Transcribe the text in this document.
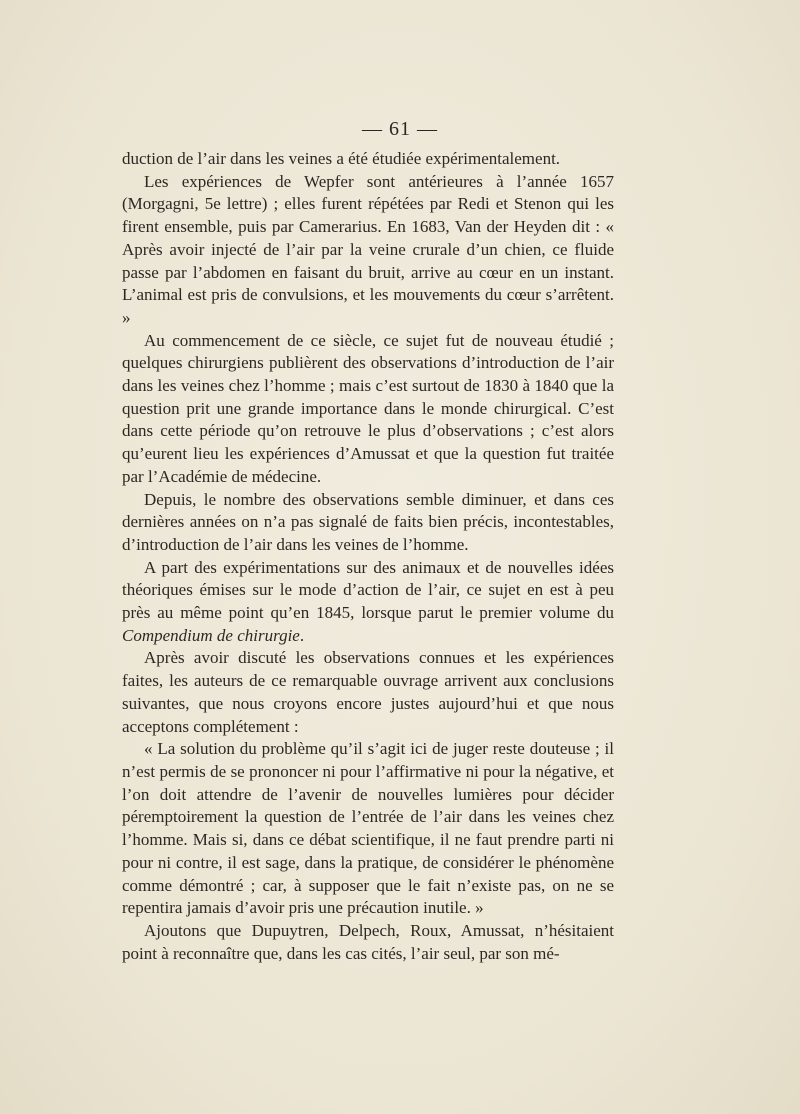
— 61 —

duction de l’air dans les veines a été étudiée expérimentalement.

Les expériences de Wepfer sont antérieures à l’année 1657 (Morgagni, 5e lettre) ; elles furent répétées par Redi et Stenon qui les firent ensemble, puis par Camerarius. En 1683, Van der Heyden dit : « Après avoir injecté de l’air par la veine crurale d’un chien, ce fluide passe par l’abdomen en faisant du bruit, arrive au cœur en un instant. L’animal est pris de convulsions, et les mouvements du cœur s’arrêtent. »

Au commencement de ce siècle, ce sujet fut de nouveau étudié ; quelques chirurgiens publièrent des observations d’introduction de l’air dans les veines chez l’homme ; mais c’est surtout de 1830 à 1840 que la question prit une grande importance dans le monde chirurgical. C’est dans cette période qu’on retrouve le plus d’observations ; c’est alors qu’eurent lieu les expériences d’Amussat et que la question fut traitée par l’Académie de médecine.

Depuis, le nombre des observations semble diminuer, et dans ces dernières années on n’a pas signalé de faits bien précis, incontestables, d’introduction de l’air dans les veines de l’homme.

A part des expérimentations sur des animaux et de nouvelles idées théoriques émises sur le mode d’action de l’air, ce sujet en est à peu près au même point qu’en 1845, lorsque parut le premier volume du Compendium de chirurgie.

Après avoir discuté les observations connues et les expériences faites, les auteurs de ce remarquable ouvrage arrivent aux conclusions suivantes, que nous croyons encore justes aujourd’hui et que nous acceptons complétement :

« La solution du problème qu’il s’agit ici de juger reste douteuse ; il n’est permis de se prononcer ni pour l’affirmative ni pour la négative, et l’on doit attendre de l’avenir de nouvelles lumières pour décider péremptoirement la question de l’entrée de l’air dans les veines chez l’homme. Mais si, dans ce débat scientifique, il ne faut prendre parti ni pour ni contre, il est sage, dans la pratique, de considérer le phénomène comme démontré ; car, à supposer que le fait n’existe pas, on ne se repentira jamais d’avoir pris une précaution inutile. »

Ajoutons que Dupuytren, Delpech, Roux, Amussat, n’hésitaient point à reconnaître que, dans les cas cités, l’air seul, par son mé-
